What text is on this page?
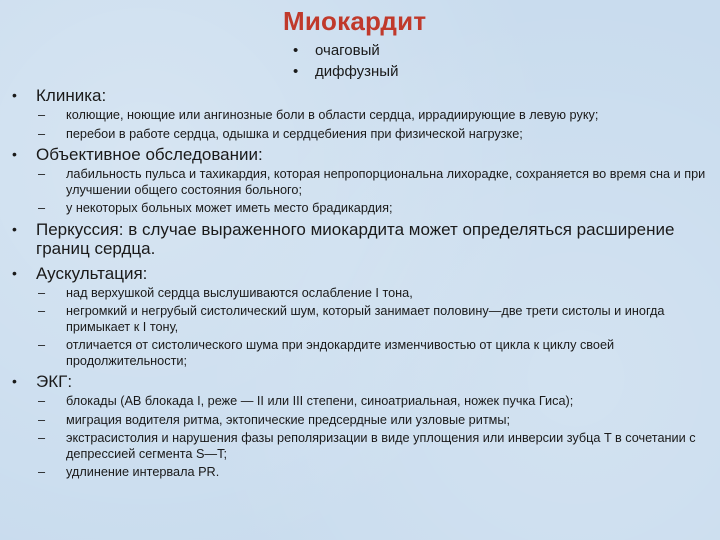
Миокардит
• очаговый
• диффузный
•	Клиника:
–	колющие, ноющие или ангинозные боли в области сердца, иррадиирующие в левую руку;
–	перебои в работе сердца, одышка и сердцебиения при физической нагрузке;
•	Объективное обследовании:
–	лабильность пульса и тахикардия, которая непропорциональна лихорадке, сохраняется во время сна и при улучшении общего состояния больного;
–	у некоторых больных может иметь место брадикардия;
•	Перкуссия: в случае выраженного миокардита может определяться расширение границ сердца.
•	Аускультация:
–	над верхушкой сердца выслушиваются ослабление I тона,
–	негромкий и негрубый систолический шум, который занимает половину—две трети систолы и иногда примыкает к I тону,
–	отличается от систолического шума при эндокардите изменчивостью от цикла к циклу своей продолжительности;
•	ЭКГ:
–	блокады (АВ блокада I, реже — II или III степени, синоатриальная, ножек пучка Гиса);
–	миграция водителя ритма, эктопические предсердные или узловые ритмы;
–	экстрасистолия и нарушения фазы реполяризации в виде уплощения или инверсии зубца T в сочетании с депрессией сегмента S—T;
–	удлинение интервала PR.
